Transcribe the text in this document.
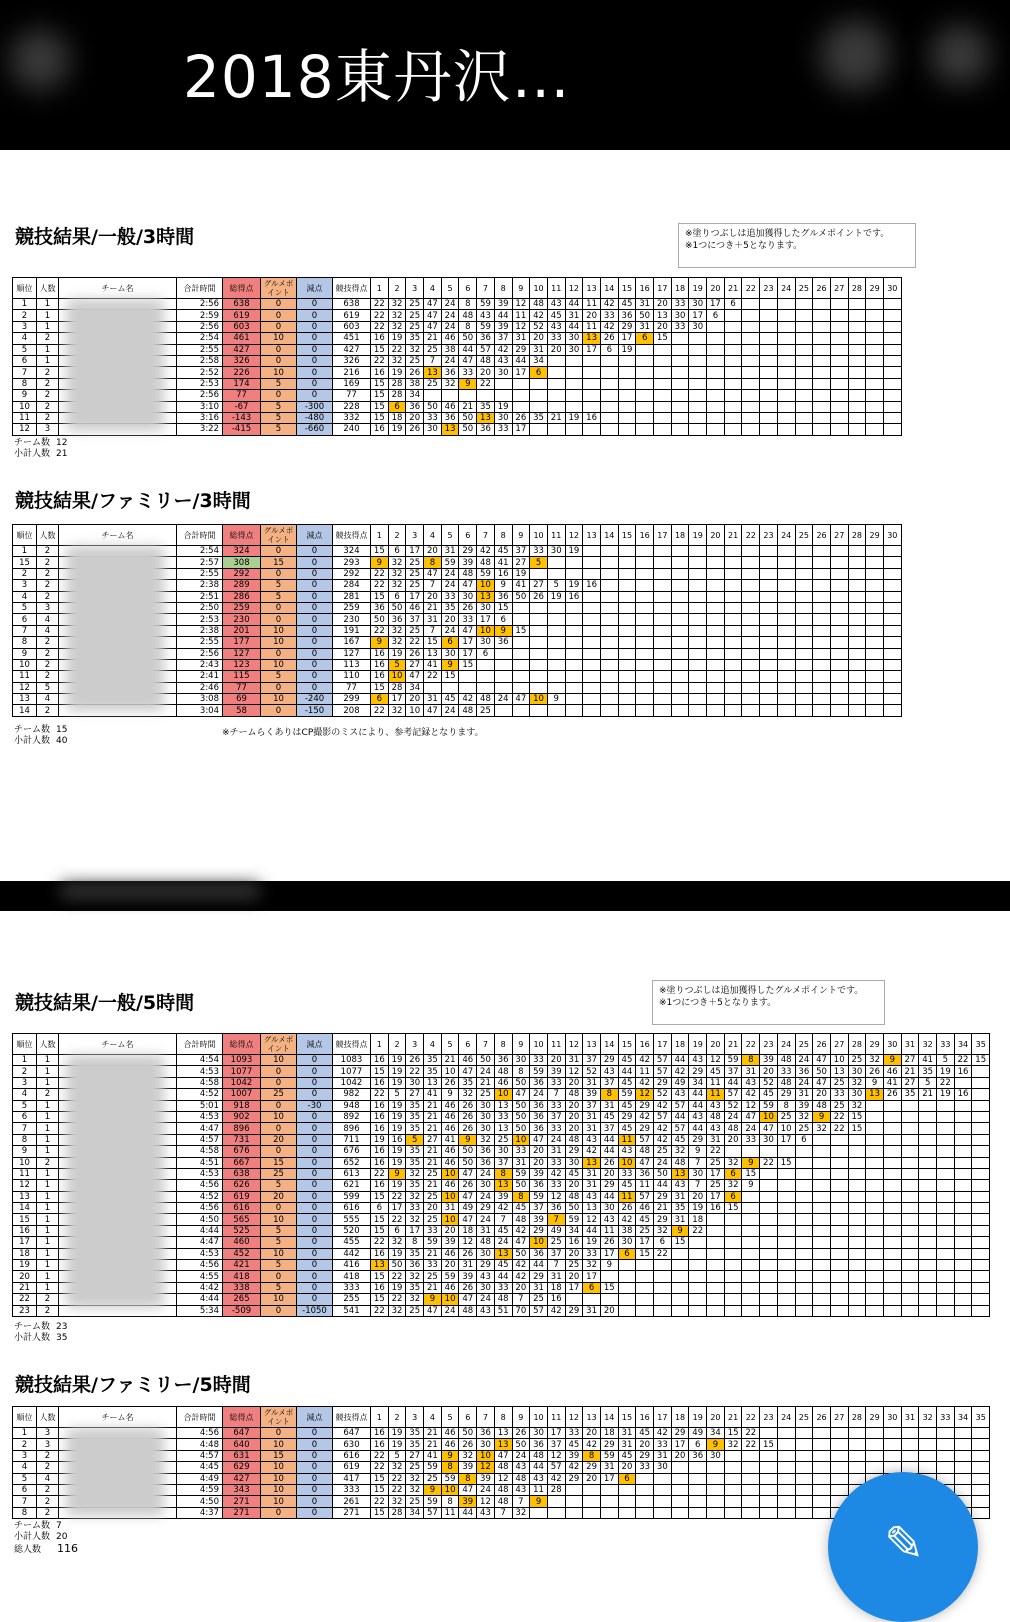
2018東丹沢…
競技結果/一般/3時間	※塗りつぶしは追加獲得したグルメポイントです。
※1つにつき＋5となります。
順位	人数	チーム名	合計時間	総得点	グルメポイント	減点	競技得点	1	2	3	4	5	6	7	8	9	10	11	12	13	14	15	16	17	18	19	20	21	22	23	24	25	26	27	28	29	30
1	1		2:56	638	0	0	638	22	32	25	47	24	8	59	39	12	48	43	44	11	42	45	31	20	33	30	17	6									
2	1		2:59	619	0	0	619	22	32	25	47	24	48	43	44	11	42	45	31	20	33	36	50	13	30	17	6										
3	1		2:56	603	0	0	603	22	32	25	47	24	8	59	39	12	52	43	44	11	42	29	31	20	33	30											
4	2		2:54	461	10	0	451	16	19	35	21	46	50	36	37	31	20	33	30	13	26	17	6	15													
5	1		2:55	427	0	0	427	15	22	32	25	38	44	57	42	29	31	20	30	17	6	19															
6	1		2:58	326	0	0	326	22	32	25	7	24	47	48	43	44	34																				
7	2		2:52	226	10	0	216	16	19	26	13	36	33	20	30	17	6																				
8	2		2:53	174	5	0	169	15	28	38	25	32	9	22																							
9	2		2:56	77	0	0	77	15	28	34																											
10	2		3:10	-67	5	-300	228	15	6	36	50	46	21	35	19																						
11	2		3:16	-143	5	-480	332	15	18	20	33	36	50	13	30	26	35	21	19	16																	
12	3		3:22	-415	5	-660	240	16	19	26	30	13	50	36	33	17																					
チーム数 12
小計人数 21
競技結果/ファミリー/3時間
順位	人数	チーム名	合計時間	総得点	グルメポイント	減点	競技得点	1	2	3	4	5	6	7	8	9	10	11	12	13	14	15	16	17	18	19	20	21	22	23	24	25	26	27	28	29	30
1	2		2:54	324	0	0	324	15	6	17	20	31	29	42	45	37	33	30	19																		
15	2		2:57	308	15	0	293	9	32	25	8	59	39	48	41	27	5																				
2	2		2:55	292	0	0	292	22	32	25	47	24	48	59	16	19																					
3	2		2:38	289	5	0	284	22	32	25	7	24	47	10	9	41	27	5	19	16																	
4	2		2:51	286	5	0	281	15	6	17	20	33	30	13	36	50	26	19	16																		
5	3		2:50	259	0	0	259	36	50	46	21	35	26	30	15																						
6	4		2:53	230	0	0	230	50	36	37	31	20	33	17	6																						
7	4		2:38	201	10	0	191	22	32	25	7	24	47	10	9	15																					
8	2		2:55	177	10	0	167	9	32	22	15	6	17	30	36																						
9	2		2:56	127	0	0	127	16	19	26	13	30	17	6																							
10	2		2:43	123	10	0	113	16	5	27	41	9	15																								
11	2		2:41	115	5	0	110	16	10	47	22	15																									
12	5		2:46	77	0	0	77	15	28	34																											
13	4		3:08	69	10	-240	299	6	17	20	31	45	42	48	24	47	10	9																			
14	2		3:04	58	0	-150	208	22	32	10	47	24	48	25																							
※チームらくありはCP撮影のミスにより、参考記録となります。
チーム数 15
小計人数 40
競技結果/一般/5時間
※塗りつぶしは追加獲得したグルメポイントです。
※1つにつき＋5となります。
順位	人数	チーム名	合計時間	総得点	グルメポイント	減点	競技得点	1	2	3	4	5	6	7	8	9	10	11	12	13	14	15	16	17	18	19	20	21	22	23	24	25	26	27	28	29	30	31	32	33	34	35
1	1		4:54	1093	10	0	1083	16	19	26	35	21	46	50	36	30	33	20	31	37	29	45	42	57	44	43	12	59	8	39	48	24	47	10	25	32	9	27	41	5	22	15
2	1		4:53	1077	0	0	1077	15	19	22	35	10	47	24	48	8	59	39	12	52	43	44	11	57	42	29	45	37	31	20	33	36	50	13	30	26	46	21	35	19	16	
3	1		4:58	1042	0	0	1042	16	19	30	13	26	35	21	46	50	36	33	20	31	37	45	42	29	49	34	11	44	43	52	48	24	47	25	32	9	41	27	5	22		
4	2		4:52	1007	25	0	982	22	5	27	41	9	32	25	10	47	24	7	48	39	8	59	12	52	43	44	11	57	42	45	29	31	20	33	30	13	26	35	21	19	16	
5	1		5:01	918	0	-30	948	16	19	35	21	46	26	30	13	50	36	33	20	37	31	45	29	42	57	44	43	52	12	59	8	39	48	25	32							
6	1		4:53	902	10	0	892	16	19	35	21	46	26	30	33	50	36	37	20	31	45	29	42	57	44	43	48	24	47	10	25	32	9	22	15							
7	1		4:47	896	0	0	896	16	19	35	21	46	26	30	13	50	36	33	20	31	37	45	29	42	57	44	43	48	24	47	10	25	32	22	15							
8	1		4:57	731	20	0	711	19	16	5	27	41	9	32	25	10	47	24	48	43	44	11	57	42	45	29	31	20	33	30	17	6										
9	1		4:58	676	0	0	676	16	19	35	21	46	50	36	30	33	20	31	29	42	44	43	48	25	32	9	22															
10	2		4:51	667	15	0	652	16	19	35	21	46	50	36	37	31	20	33	30	13	26	10	47	24	48	7	25	32	9	22	15											
11	1		4:53	638	25	0	613	22	9	32	25	10	47	24	8	59	39	42	45	31	20	33	36	50	13	30	17	6	15													
12	1		4:56	626	5	0	621	16	19	35	21	46	26	30	13	50	36	33	20	31	29	45	11	44	43	7	25	32	9													
13	1		4:52	619	20	0	599	15	22	32	25	10	47	24	39	8	59	12	48	43	44	11	57	29	31	20	17	6														
14	1		4:56	616	0	0	616	6	17	33	20	31	49	29	42	45	37	36	50	13	30	26	46	21	35	19	16	15														
15	1		4:50	565	10	0	555	15	22	32	25	10	47	24	7	48	39	7	59	12	43	42	45	29	31	18																
16	1		4:44	525	5	0	520	15	6	17	33	20	18	31	45	42	29	49	34	44	11	38	25	32	9	22																
17	1		4:47	460	5	0	455	22	32	8	59	39	12	48	24	47	10	25	16	19	26	30	17	6	15																	
18	1		4:53	452	10	0	442	16	19	35	21	46	26	30	13	50	36	37	20	33	17	6	15	22																		
19	1		4:56	421	5	0	416	13	50	36	33	20	31	29	45	42	44	7	25	32	9																					
20	1		4:55	418	0	0	418	15	22	32	25	59	39	43	44	42	29	31	20	17																						
21	1		4:42	338	5	0	333	16	19	35	21	46	26	30	33	20	31	18	17	6	15																					
22	2		4:44	265	10	0	255	15	22	32	9	10	47	24	48	7	25	16																								
23	2		5:34	-509	0	-1050	541	22	32	25	47	24	48	43	51	70	57	42	29	31	20																					
チーム数 23
小計人数 35
競技結果/ファミリー/5時間
順位	人数	チーム名	合計時間	総得点	グルメポイント	減点	競技得点	1	2	3	4	5	6	7	8	9	10	11	12	13	14	15	16	17	18	19	20	21	22	23	24	25	26	27	28	29	30	31	32	33	34	35
1	3		4:56	647	0	0	647	16	19	35	21	46	50	36	13	26	30	17	33	20	18	31	45	42	29	49	34	15	22													
2	3		4:48	640	10	0	630	16	19	35	21	46	26	30	13	50	36	37	45	42	29	31	20	33	17	6	9	32	22	15												
3	2		4:57	631	15	0	616	22	5	27	41	9	32	10	47	24	48	12	39	8	59	45	29	31	20	36	30															
4	2		4:45	629	10	0	619	22	32	25	59	8	39	12	48	43	44	57	42	29	31	20	33	30																		
5	4		4:49	427	10	0	417	15	22	32	25	59	8	39	12	48	43	42	29	20	17	6																				
6	2		4:59	343	10	0	333	15	22	32	9	10	47	24	48	43	11	28																								
7	2		4:50	271	10	0	261	22	32	25	59	8	39	12	48	7	9																									
8	2		4:37	271	0	0	271	15	28	34	57	11	44	43	7	32																										
チーム数 7
小計人数 20
総人数 116	✎
